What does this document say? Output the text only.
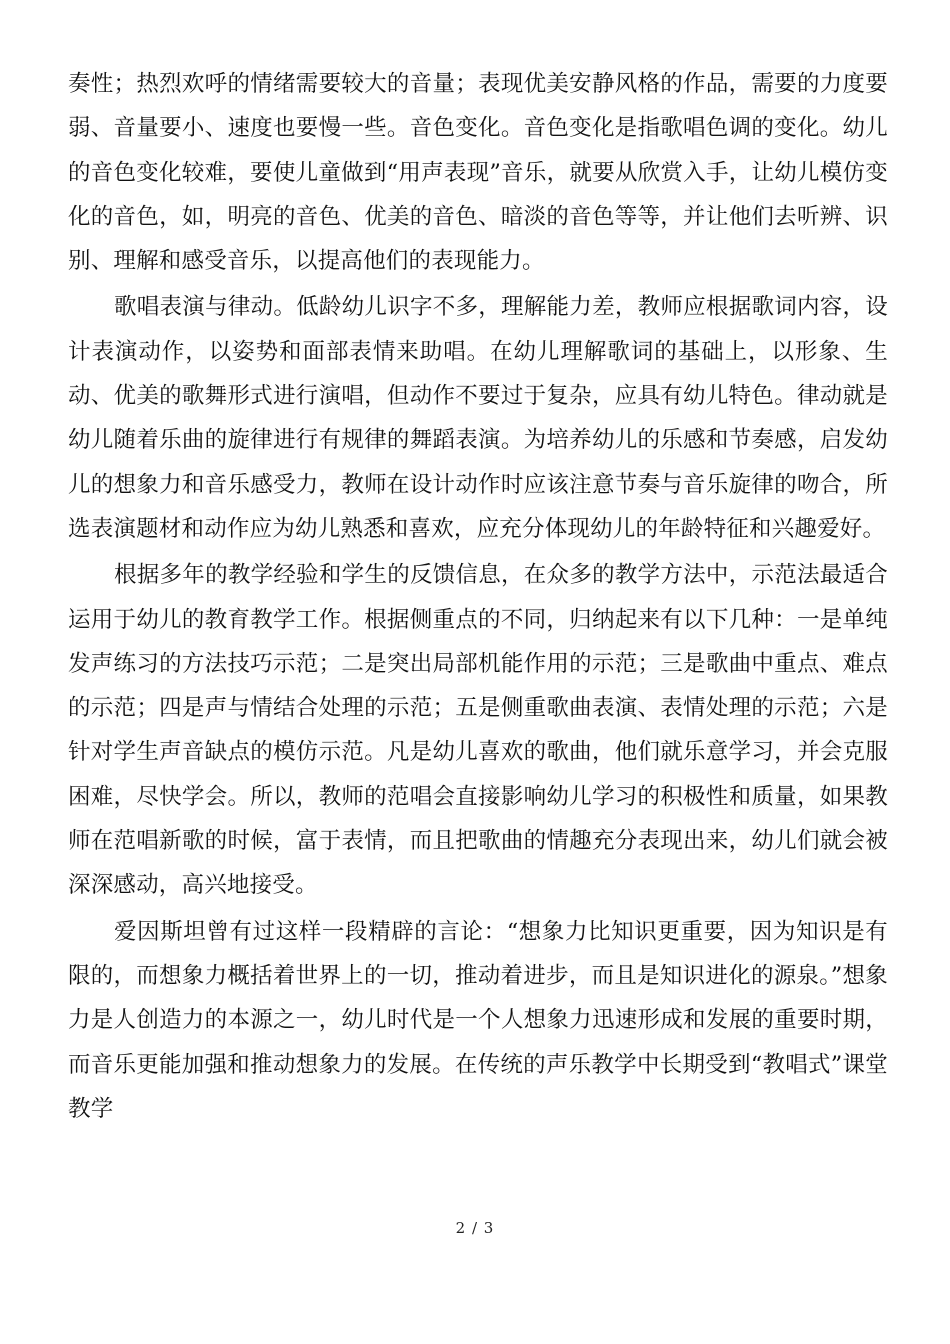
奏性；热烈欢呼的情绪需要较大的音量；表现优美安静风格的作品，需要的力度要弱、音量要小、速度也要慢一些。音色变化。音色变化是指歌唱色调的变化。幼儿的音色变化较难，要使儿童做到“用声表现”音乐，就要从欣赏入手，让幼儿模仿变化的音色，如，明亮的音色、优美的音色、暗淡的音色等等，并让他们去听辨、识别、理解和感受音乐，以提高他们的表现能力。

歌唱表演与律动。低龄幼儿识字不多，理解能力差，教师应根据歌词内容，设计表演动作，以姿势和面部表情来助唱。在幼儿理解歌词的基础上，以形象、生动、优美的歌舞形式进行演唱，但动作不要过于复杂，应具有幼儿特色。律动就是幼儿随着乐曲的旋律进行有规律的舞蹈表演。为培养幼儿的乐感和节奏感，启发幼儿的想象力和音乐感受力，教师在设计动作时应该注意节奏与音乐旋律的吻合，所选表演题材和动作应为幼儿熟悉和喜欢，应充分体现幼儿的年龄特征和兴趣爱好。

根据多年的教学经验和学生的反馈信息，在众多的教学方法中，示范法最适合运用于幼儿的教育教学工作。根据侧重点的不同，归纳起来有以下几种：一是单纯发声练习的方法技巧示范；二是突出局部机能作用的示范；三是歌曲中重点、难点的示范；四是声与情结合处理的示范；五是侧重歌曲表演、表情处理的示范；六是针对学生声音缺点的模仿示范。凡是幼儿喜欢的歌曲，他们就乐意学习，并会克服困难，尽快学会。所以，教师的范唱会直接影响幼儿学习的积极性和质量，如果教师在范唱新歌的时候，富于表情，而且把歌曲的情趣充分表现出来，幼儿们就会被深深感动，高兴地接受。

爱因斯坦曾有过这样一段精辟的言论：“想象力比知识更重要，因为知识是有限的，而想象力概括着世界上的一切，推动着进步，而且是知识进化的源泉。”想象力是人创造力的本源之一，幼儿时代是一个人想象力迅速形成和发展的重要时期，而音乐更能加强和推动想象力的发展。在传统的声乐教学中长期受到“教唱式”课堂教学

2 / 3
